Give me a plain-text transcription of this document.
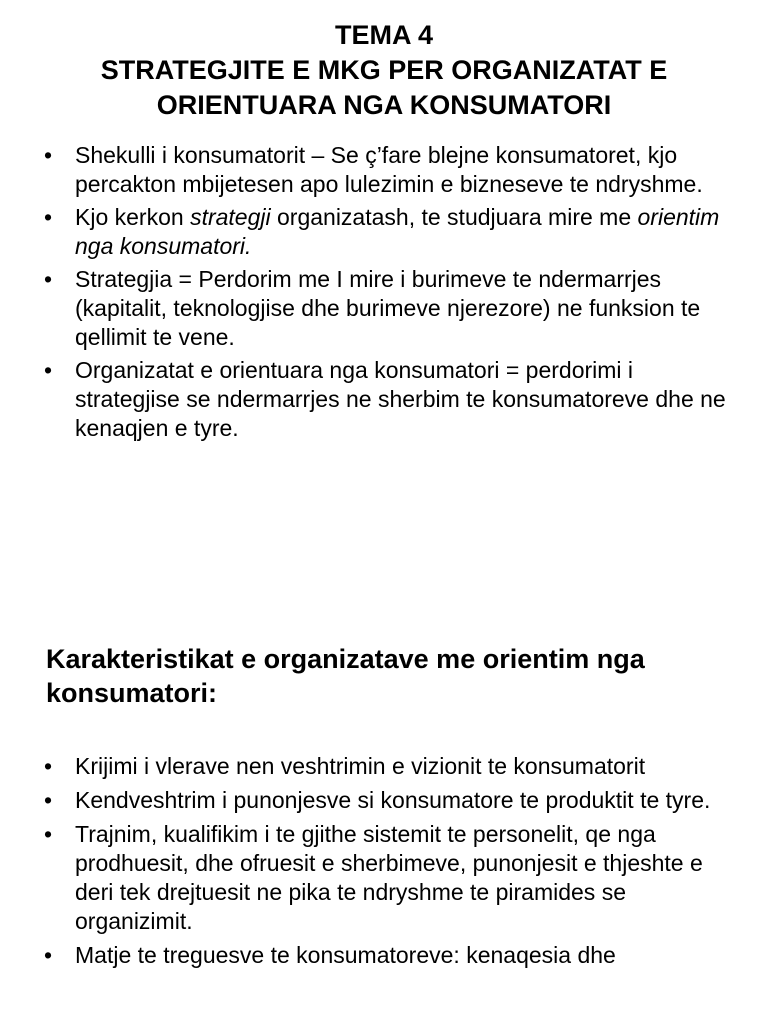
TEMA 4
STRATEGJITE E MKG PER ORGANIZATAT E
ORIENTUARA NGA KONSUMATORI
• Shekulli i konsumatorit – Se ç’fare blejne konsumatoret, kjo percakton mbijetesen apo lulezimin e bizneseve te ndryshme.
• Kjo kerkon strategji organizatash, te studjuara mire me orientim nga konsumatori.
• Strategjia = Perdorim me I mire i burimeve te ndermarrjes (kapitalit, teknologjise dhe burimeve njerezore) ne funksion te qellimit te vene.
• Organizatat e orientuara nga konsumatori = perdorimi i strategjise se ndermarrjes ne sherbim te konsumatoreve dhe ne kenaqjen e tyre.
Karakteristikat e organizatave me orientim nga konsumatori:
• Krijimi i vlerave nen veshtrimin e vizionit te konsumatorit
• Kendveshtrim i punonjesve si konsumatore te produktit te tyre.
• Trajnim, kualifikim i te gjithe sistemit te personelit, qe nga prodhuesit, dhe ofruesit e sherbimeve, punonjesit e thjeshte e deri tek drejtuesit ne pika te ndryshme te piramides se organizimit.
• Matje te treguesve te konsumatoreve: kenaqesia dhe
